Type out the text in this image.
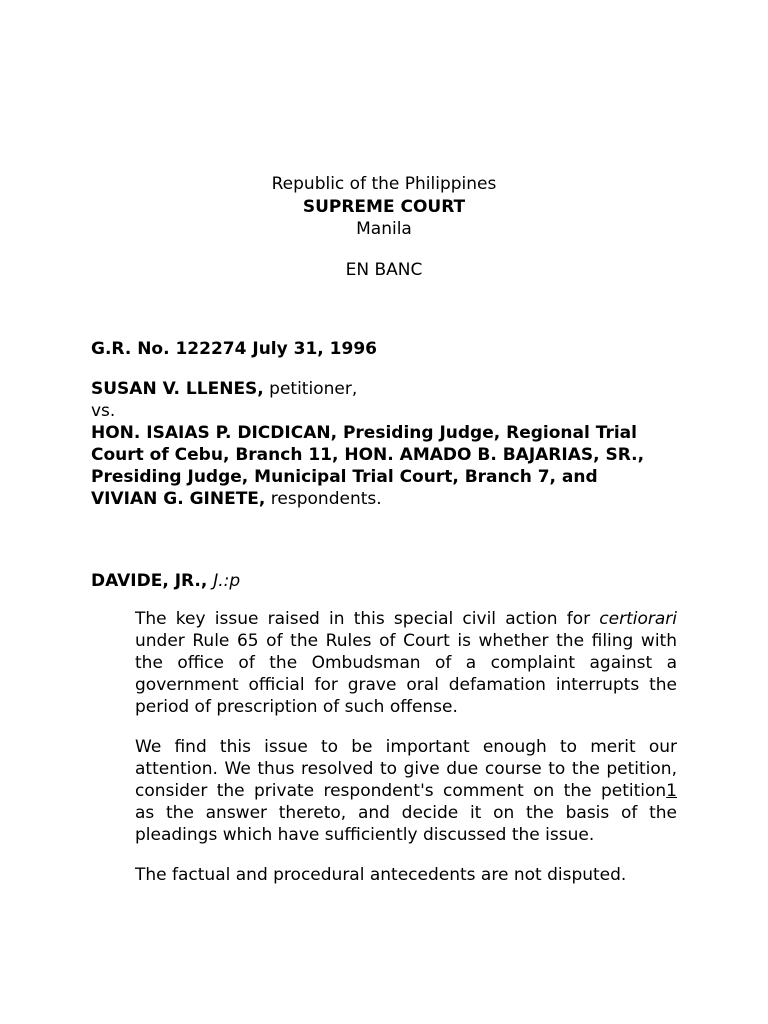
Republic of the Philippines
SUPREME COURT
Manila
EN BANC
G.R. No. 122274 July 31, 1996
SUSAN V. LLENES, petitioner,
vs.
HON. ISAIAS P. DICDICAN, Presiding Judge, Regional Trial
Court of Cebu, Branch 11, HON. AMADO B. BAJARIAS, SR.,
Presiding Judge, Municipal Trial Court, Branch 7, and
VIVIAN G. GINETE, respondents.
DAVIDE, JR., J.:p

The key issue raised in this special civil action for certiorari
under Rule 65 of the Rules of Court is whether the filing with
the office of the Ombudsman of a complaint against a
government official for grave oral defamation interrupts the
period of prescription of such offense.

We find this issue to be important enough to merit our
attention. We thus resolved to give due course to the petition,
consider the private respondent's comment on the petition1
as the answer thereto, and decide it on the basis of the
pleadings which have sufficiently discussed the issue.

The factual and procedural antecedents are not disputed.
